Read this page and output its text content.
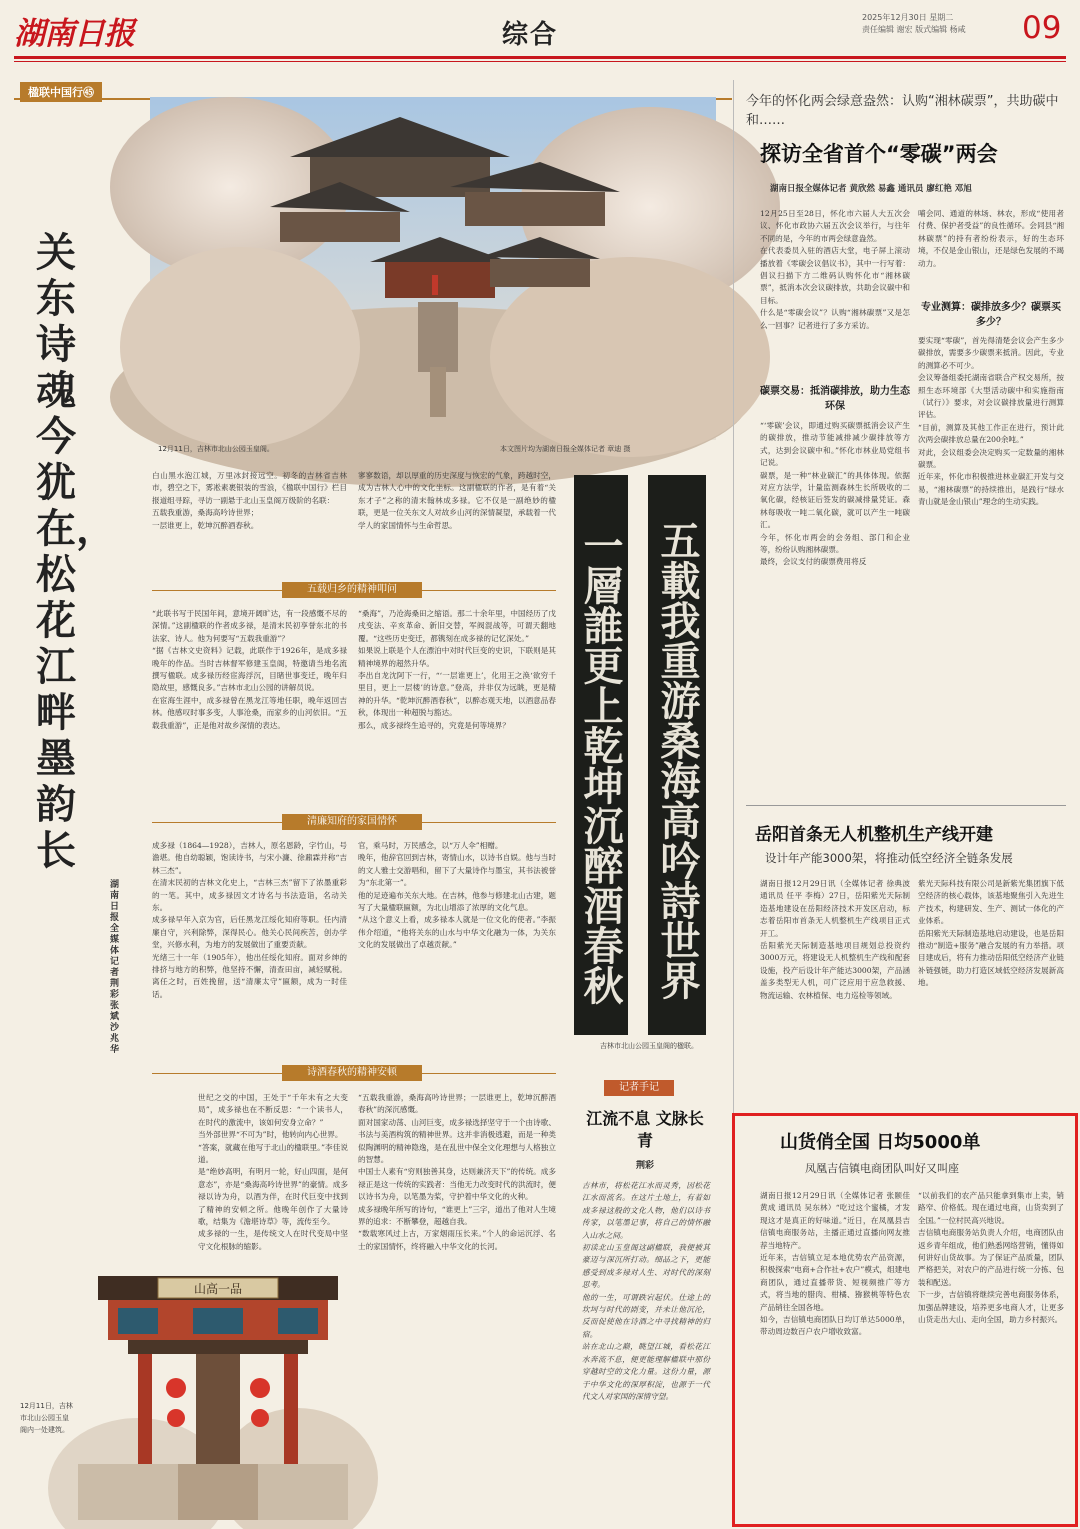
湖南日报	综合
2025年12月30日 星期二
责任编辑 谢宏 版式编辑 杨咸	09
楹联中国行㊺
关东诗魂今犹在，松花江畔墨韵长
湖南日报全媒体记者 荆彩 张斌 沙兆华
12月11日，吉林市北山公园玉皇阁。	本文图片均为湖南日报全媒体记者 章迪 摄
白山黑水泡江城，万里冰封接远空。初冬的吉林省吉林市，碧空之下，雾凇素裹银装的雪浪，《楹联中国行》栏目报道组寻踪，寻访一副悬于北山玉皇阁万级阶的名联：
五载我重游，桑海高吟诗世界；
一层谁更上，乾坤沉醉酒春秋。
寥寥数语，却以厚重的历史深度与恢宏的气象，跨越时空，成为吉林人心中的文化坐标。这副楹联的作者，是有着“关东才子”之称的清末翰林成多禄。它不仅是一副绝妙的楹联，更是一位关东文人对故乡山河的深情凝望，承载着一代学人的家国情怀与生命哲思。
五载归乡的精神叩问
“此联书写于民国年间，意境开阔旷达，有一段感慨不尽的深情。”这副楹联的作者成多禄，是清末民初享誉东北的书法家、诗人。他为何要写“五载我重游”？
“据《吉林文史资料》记载，此联作于1926年，是成多禄晚年的作品。当时吉林督军修建玉皇阁，特邀请当地名流撰写楹联。成多禄历经宦海浮沉，目睹世事变迁，晚年归隐故里，感慨良多。”吉林市北山公园的讲解员说。
在宦海生涯中，成多禄曾在黑龙江等地任职，晚年返回吉林。他感叹时事多变，人事沧桑，而家乡的山河依旧。“五载我重游”，正是他对故乡深情的表达。
“桑海”，乃沧海桑田之缩语。那二十余年里，中国经历了戊戌变法、辛亥革命、新旧交替，军阀混战等，可谓天翻地覆。“这些历史变迁，都镌刻在成多禄的记忆深处。”
如果说上联是个人在漂泊中对时代巨变的史识，下联则是其精神境界的超然升华。
李出自龙沈阿下一行，“‘一层谁更上’，化用王之涣‘欲穷千里目，更上一层楼’的诗意。”登高，并非仅为远眺，更是精神的升华。“乾坤沉醉酒春秋”，以醉态观天地，以酒意品春秋，体现出一种超脱与豁达。
那么，成多禄终生追寻的，究竟是何等境界？
清廉知府的家国情怀
成多禄（1864—1928），吉林人，原名恩龄，字竹山，号澹堪。他自幼聪颖，饱读诗书，与宋小濂、徐鼐霖并称“吉林三杰”。
在清末民初的吉林文化史上，“吉林三杰”留下了浓墨重彩的一笔。其中，成多禄因文才诗名与书法造诣，名动关东。
成多禄早年入京为官，后任黑龙江绥化知府等职。任内清廉自守，兴利除弊，深得民心。他关心民间疾苦，创办学堂，兴修水利，为地方的发展做出了重要贡献。
光绪三十一年（1905年），他出任绥化知府。面对乡绅的排挤与地方的积弊，他坚持不懈，清查田亩，减轻赋税。离任之时，百姓挽留，送“清廉太守”匾额，成为一时佳话。
官，乘马时，万民感念，以“万人伞”相赠。
晚年，他辞官回到吉林，寄情山水，以诗书自娱。他与当时的文人雅士交游唱和，留下了大量诗作与墨宝，其书法被誉为“东北第一”。
他的足迹遍布关东大地。在吉林，他参与修建北山古建，题写了大量楹联匾额，为北山增添了浓厚的文化气息。
“从这个意义上看，成多禄本人就是一位文化的使者。”李振伟介绍道，“他将关东的山水与中华文化融为一体，为关东文化的发展做出了卓越贡献。”
诗酒春秋的精神安顿
世纪之交的中国，王处于“千年未有之大变局”，成多禄也在不断反思：“一个读书人，在时代的激流中，该如何安身立命？”
当外部世界“不可为”时，他转向内心世界。
“答案，就藏在他写于北山的楹联里。”李佳说道。
是“绝妙高明，有明月一轮，好山四面，是何意态”，亦是“桑海高吟诗世界”的豪情。成多禄以诗为舟，以酒为伴，在时代巨变中找到了精神的安顿之所。他晚年创作了大量诗歌，结集为《澹堪诗草》等，流传至今。
成多禄的一生，是传统文人在时代变局中坚守文化根脉的缩影。
“五载我重游，桑海高吟诗世界；一层谁更上，乾坤沉醉酒春秋”的深沉感慨。
面对国家动荡、山河巨变，成多禄选择坚守于一个由诗歌、书法与美酒构筑的精神世界。这并非消极逃避，而是一种类似陶渊明的精神隐逸，是在乱世中保全文化理想与人格独立的智慧。
中国士人素有“穷则独善其身，达则兼济天下”的传统。成多禄正是这一传统的实践者：当他无力改变时代的洪流时，便以诗书为舟，以笔墨为桨，守护着中华文化的火种。
成多禄晚年所写的诗句，“谁更上”三字，道出了他对人生境界的追求：不断攀登，超越自我。
“数载寒风过上古，万家烟雨压长来。”个人的命运沉浮、名士的家国情怀，终将融入中华文化的长河。
山高一品
12月11日，吉林市北山公园玉皇阁内一处建筑。
一層誰更上乾坤沉醉酒春秋 五載我重游桑海高吟詩世界
吉林市北山公园玉皇阁的楹联。
记者手记
江流不息 文脉长青
荆彩
吉林市，将松花江水而灵秀，因松花江水而流名。在这片土地上，有着如成多禄这般的文化人物，他们以诗书传家，以笔墨记事，将自己的情怀融入山水之间。
初读北山玉皇阁这副楹联，我便被其豪迈与深沉所打动。细品之下，更能感受到成多禄对人生、对时代的深刻思考。
他的一生，可谓跌宕起伏。仕途上的坎坷与时代的剧变，并未让他沉沦，反而促使他在诗酒之中寻找精神的归宿。
站在北山之巅，眺望江城，看松花江水奔流不息，便更能理解楹联中那份穿越时空的文化力量。这份力量，源于中华文化的深厚积淀，也源于一代代文人对家国的深情守望。
今年的怀化两会绿意盎然：认购“湘林碳票”，共助碳中和……
探访全省首个“零碳”两会
湖南日报全媒体记者 黄欣然 易鑫 通讯员 廖红艳 邓旭
12月25日至28日，怀化市六届人大五次会议、怀化市政协六届五次会议举行，与往年不同的是，今年的市两会绿意盎然。
在代表委员入驻的酒店大堂，电子屏上滚动播放着《零碳会议倡议书》，其中一行写着：倡议扫描下方二维码认购怀化市“湘林碳票”，抵消本次会议碳排放，共助会议碳中和目标。
什么是“零碳会议”？认购“湘林碳票”又是怎么一回事？记者进行了多方采访。
碳票交易：抵消碳排放，助力生态环保
“‘零碳’会议，即通过购买碳票抵消会议产生的碳排放，推动节能减排减少碳排放等方式，达到会议碳中和。”怀化市林业局党组书记说。
碳票，是一种“林业碳汇”的具体体现。依据对应方法学，计量监测森林生长所吸收的二氧化碳，经核证后签发的碳减排量凭证。森林每吸收一吨二氧化碳，就可以产生一吨碳汇。
今年，怀化市两会的会务组、部门和企业等，纷纷认购湘林碳票。
最终，会议支付的碳票费用将反
哺会同、通道的林场、林农，形成“使用者付费、保护者受益”的良性循环。会同县“湘林碳票”的持有者纷纷表示，好的生态环境，不仅是金山银山，还是绿色发展的不竭动力。
专业测算：碳排放多少？碳票买多少？
要实现“零碳”，首先得清楚会议会产生多少碳排放，需要多少碳票来抵消。因此，专业的测算必不可少。
会议筹备组委托湖南省联合产权交易所，按照生态环境部《大型活动碳中和实施指南（试行）》要求，对会议碳排放量进行测算评估。
“目前，测算及其他工作正在进行，预计此次两会碳排放总量在200余吨。”
对此，会议组委会决定购买一定数量的湘林碳票。
近年来，怀化市积极推进林业碳汇开发与交易，“湘林碳票”的持续推出，是践行“绿水青山就是金山银山”理念的生动实践。
岳阳首条无人机整机生产线开建
设计年产能3000架，将推动低空经济全链条发展
湖南日报12月29日讯（全媒体记者 徐典波 通讯员 任平 李梅）27日，岳阳紫光天际制造基地建设在岳阳经济技术开发区启动，标志着岳阳市首条无人机整机生产线项目正式开工。
岳阳紫光天际制造基地项目规划总投资约3000万元，将建设无人机整机生产线和配套设施，投产后设计年产能达3000架，产品涵盖多类型无人机，可广泛应用于应急救援、物流运输、农林植保、电力巡检等领域。
紫光天际科技有限公司是新紫光集团旗下低空经济的核心载体，该基地聚焦引入先进生产技术，构建研发、生产、测试一体化的产业体系。
岳阳紫光天际制造基地启动建设，也是岳阳推动“制造+服务”融合发展的有力举措。项目建成后，将有力推动岳阳低空经济产业链补链强链，助力打造区域低空经济发展新高地。
山货俏全国 日均5000单
凤凰吉信镇电商团队叫好又叫座
湖南日报12月29日讯（全媒体记者 张颐佳 黄成 通讯员 吴东林）“吃过这个蜜橘，才发现这才是真正的好味道。”近日，在凤凰县吉信镇电商服务站，主播正通过直播向网友推荐当地特产。
近年来，吉信镇立足本地优势农产品资源，积极探索“电商+合作社+农户”模式，组建电商团队，通过直播带货、短视频推广等方式，将当地的腊肉、柑橘、猕猴桃等特色农产品销往全国各地。
如今，吉信镇电商团队日均订单达5000单，带动周边数百户农户增收致富。
“以前我们的农产品只能拿到集市上卖，销路窄、价格低。现在通过电商，山货卖到了全国。”一位村民高兴地说。
吉信镇电商服务站负责人介绍，电商团队由返乡青年组成，他们熟悉网络营销，懂得如何讲好山货故事。为了保证产品质量，团队严格把关，对农户的产品进行统一分拣、包装和配送。
下一步，吉信镇将继续完善电商服务体系，加强品牌建设，培养更多电商人才，让更多山货走出大山、走向全国，助力乡村振兴。
